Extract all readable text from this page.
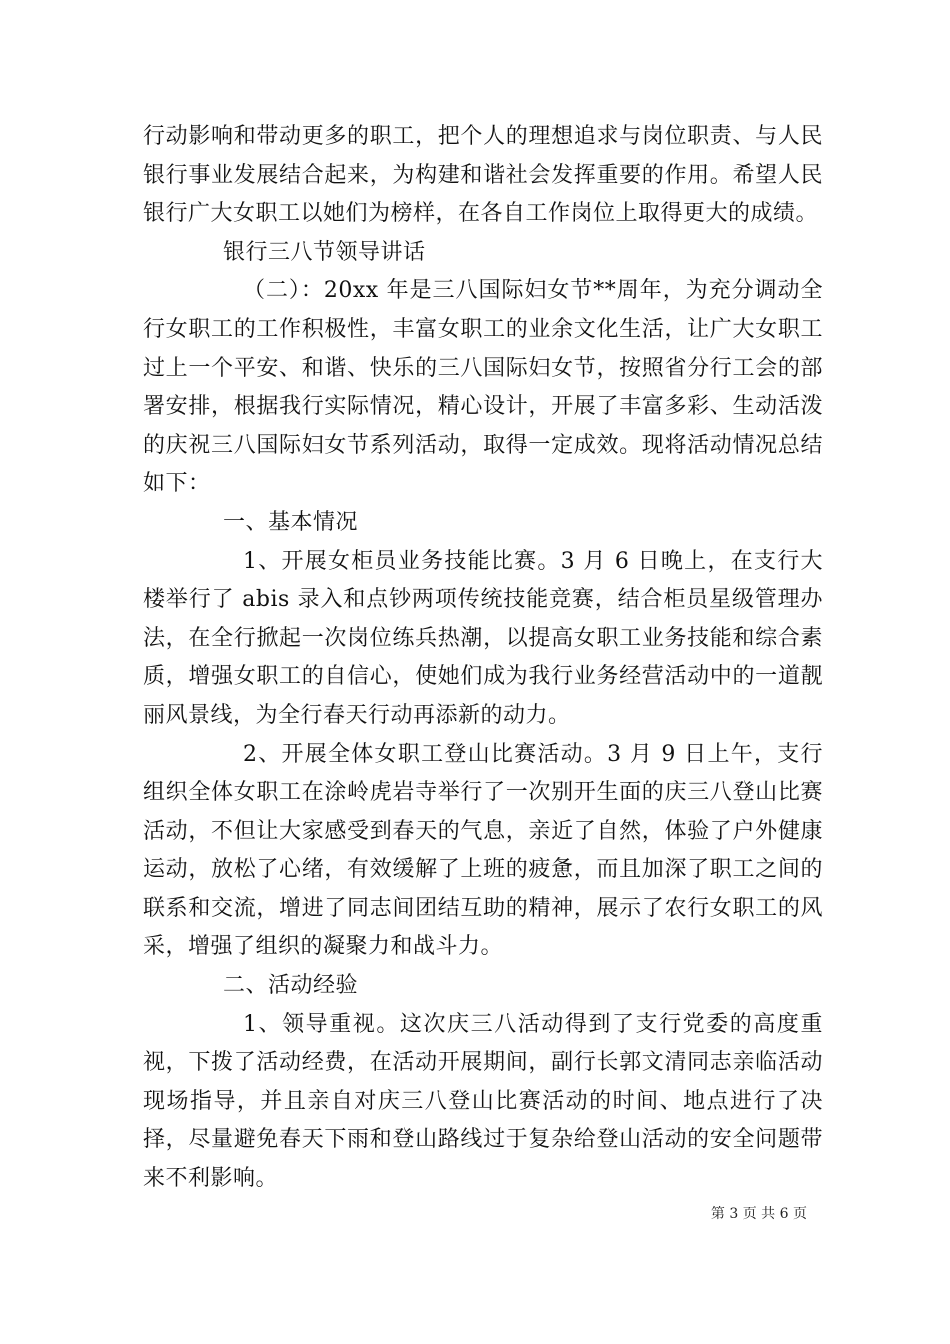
行动影响和带动更多的职工，把个人的理想追求与岗位职责、与人民银行事业发展结合起来，为构建和谐社会发挥重要的作用。希望人民银行广大女职工以她们为榜样，在各自工作岗位上取得更大的成绩。

银行三八节领导讲话

（二）：20xx 年是三八国际妇女节**周年，为充分调动全行女职工的工作积极性，丰富女职工的业余文化生活，让广大女职工过上一个平安、和谐、快乐的三八国际妇女节，按照省分行工会的部署安排，根据我行实际情况，精心设计，开展了丰富多彩、生动活泼的庆祝三八国际妇女节系列活动，取得一定成效。现将活动情况总结如下：

一、基本情况

1、开展女柜员业务技能比赛。3 月 6 日晚上，在支行大楼举行了 abis 录入和点钞两项传统技能竞赛，结合柜员星级管理办法，在全行掀起一次岗位练兵热潮，以提高女职工业务技能和综合素质，增强女职工的自信心，使她们成为我行业务经营活动中的一道靓丽风景线，为全行春天行动再添新的动力。

2、开展全体女职工登山比赛活动。3 月 9 日上午，支行组织全体女职工在涂岭虎岩寺举行了一次别开生面的庆三八登山比赛活动，不但让大家感受到春天的气息，亲近了自然，体验了户外健康运动，放松了心绪，有效缓解了上班的疲惫，而且加深了职工之间的联系和交流，增进了同志间团结互助的精神，展示了农行女职工的风采，增强了组织的凝聚力和战斗力。

二、活动经验

1、领导重视。这次庆三八活动得到了支行党委的高度重视，下拨了活动经费，在活动开展期间，副行长郭文清同志亲临活动现场指导，并且亲自对庆三八登山比赛活动的时间、地点进行了决择，尽量避免春天下雨和登山路线过于复杂给登山活动的安全问题带来不利影响。

第 3 页 共 6 页
